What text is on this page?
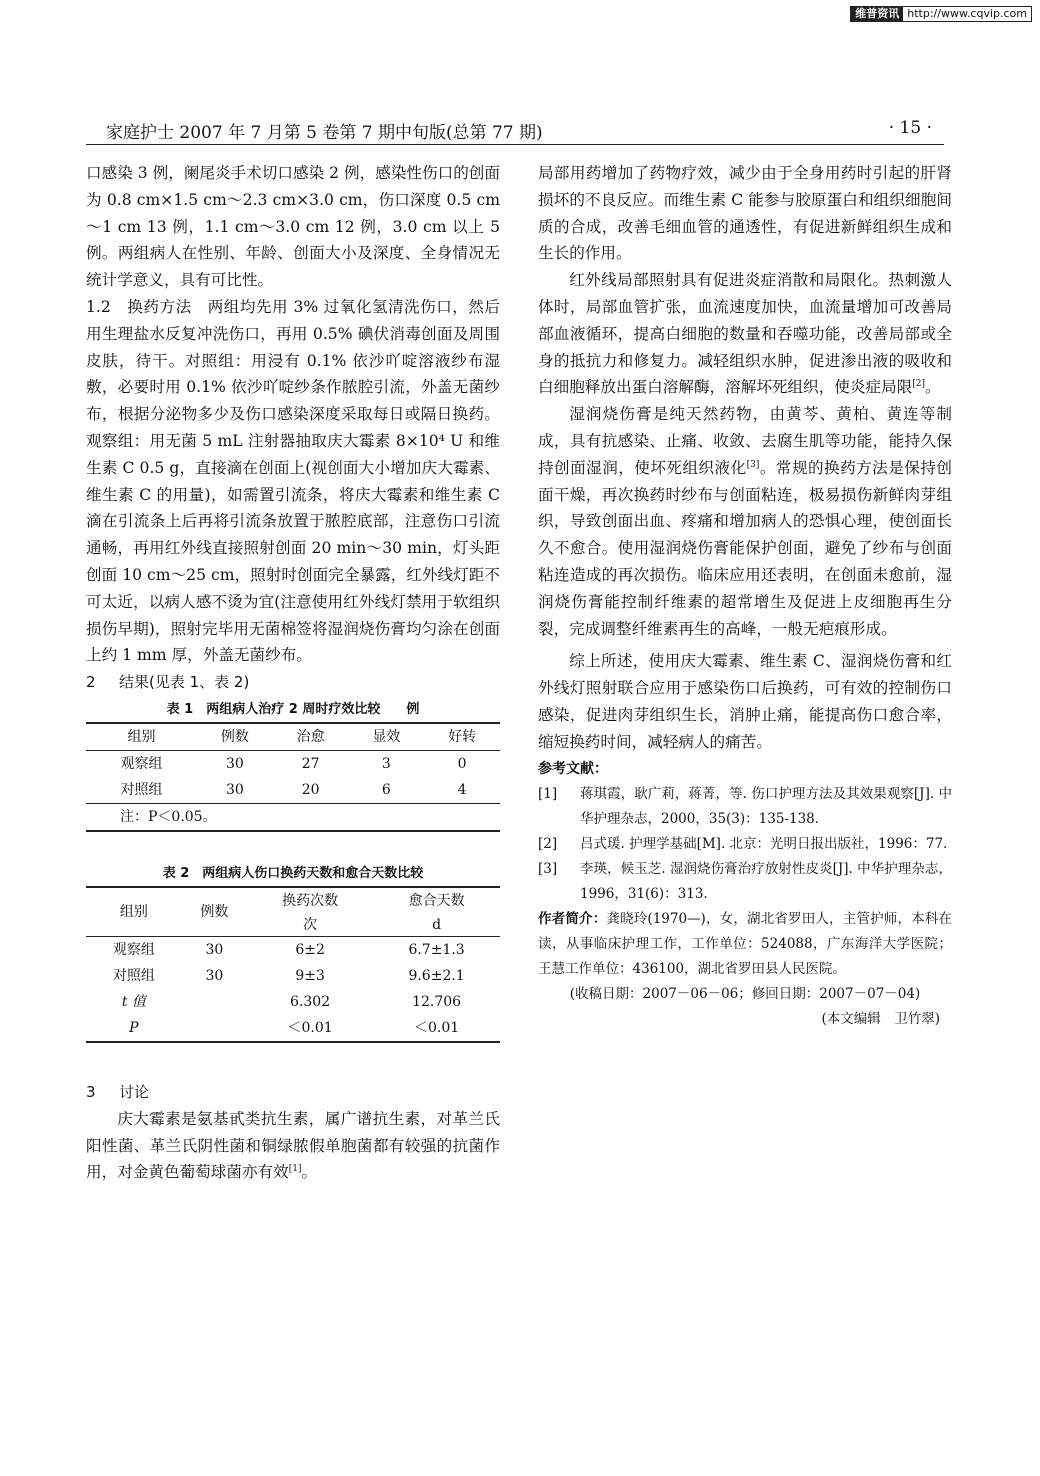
维普资讯 http://www.cqvip.com
家庭护士 2007 年 7 月第 5 卷第 7 期中旬版(总第 77 期)	· 15 ·

口感染 3 例，阑尾炎手术切口感染 2 例，感染性伤口的创面为 0.8 cm×1.5 cm～2.3 cm×3.0 cm，伤口深度 0.5 cm～1 cm 13 例，1.1 cm～3.0 cm 12 例，3.0 cm 以上 5 例。两组病人在性别、年龄、创面大小及深度、全身情况无统计学意义，具有可比性。

1.2　换药方法　两组均先用 3% 过氧化氢清洗伤口，然后用生理盐水反复冲洗伤口，再用 0.5% 碘伏消毒创面及周围皮肤，待干。对照组：用浸有 0.1% 依沙吖啶溶液纱布湿敷，必要时用 0.1% 依沙吖啶纱条作脓腔引流，外盖无菌纱布，根据分泌物多少及伤口感染深度采取每日或隔日换药。观察组：用无菌 5 mL 注射器抽取庆大霉素 8×10⁴ U 和维生素 C 0.5 g，直接滴在创面上(视创面大小增加庆大霉素、维生素 C 的用量)，如需置引流条，将庆大霉素和维生素 C 滴在引流条上后再将引流条放置于脓腔底部，注意伤口引流通畅，再用红外线直接照射创面 20 min～30 min，灯头距创面 10 cm～25 cm，照射时创面完全暴露，红外线灯距不可太近，以病人感不烫为宜(注意使用红外线灯禁用于软组织损伤早期)，照射完毕用无菌棉签将湿润烧伤膏均匀涂在创面上约 1 mm 厚，外盖无菌纱布。

2 结果(见表 1、表 2)

表 1　两组病人治疗 2 周时疗效比较　　例

组别	例数	治愈	显效	好转
观察组	30	27	3	0
对照组	30	20	6	4
注：P＜0.05。				

表 2　两组病人伤口换药天数和愈合天数比较

组别	例数	换药次数	愈合天数
		次	d
观察组	30	6±2	6.7±1.3
对照组	30	9±3	9.6±2.1
t 值		6.302	12.706
P		＜0.01	＜0.01

3 讨论

庆大霉素是氨基甙类抗生素，属广谱抗生素，对革兰氏阳性菌、革兰氏阴性菌和铜绿脓假单胞菌都有较强的抗菌作用，对金黄色葡萄球菌亦有效[1]。

局部用药增加了药物疗效，减少由于全身用药时引起的肝肾损坏的不良反应。而维生素 C 能参与胶原蛋白和组织细胞间质的合成，改善毛细血管的通透性，有促进新鲜组织生成和生长的作用。

红外线局部照射具有促进炎症消散和局限化。热刺激人体时，局部血管扩张，血流速度加快，血流量增加可改善局部血液循环，提高白细胞的数量和吞噬功能，改善局部或全身的抵抗力和修复力。减轻组织水肿，促进渗出液的吸收和白细胞释放出蛋白溶解酶，溶解坏死组织，使炎症局限[2]。

湿润烧伤膏是纯天然药物，由黄芩、黄柏、黄连等制成，具有抗感染、止痛、收敛、去腐生肌等功能，能持久保持创面湿润，使坏死组织液化[3]。常规的换药方法是保持创面干燥，再次换药时纱布与创面粘连，极易损伤新鲜肉芽组织，导致创面出血、疼痛和增加病人的恐惧心理，使创面长久不愈合。使用湿润烧伤膏能保护创面，避免了纱布与创面粘连造成的再次损伤。临床应用还表明，在创面未愈前，湿润烧伤膏能控制纤维素的超常增生及促进上皮细胞再生分裂，完成调整纤维素再生的高峰，一般无疤痕形成。

综上所述，使用庆大霉素、维生素 C、湿润烧伤膏和红外线灯照射联合应用于感染伤口后换药，可有效的控制伤口感染，促进肉芽组织生长，消肿止痛，能提高伤口愈合率，缩短换药时间，减轻病人的痛苦。

参考文献：

[1]	蒋琪霞，耿广莉，蒋菁，等. 伤口护理方法及其效果观察[J]. 中华护理杂志，2000，35(3)：135-138.

[2]	吕式瑗. 护理学基础[M]. 北京：光明日报出版社，1996：77.

[3]	李瑛，候玉芝. 湿润烧伤膏治疗放射性皮炎[J]. 中华护理杂志，1996，31(6)：313.

作者简介：龚晓玲(1970—)，女，湖北省罗田人，主管护师，本科在读，从事临床护理工作，工作单位：524088，广东海洋大学医院；王慧工作单位：436100，湖北省罗田县人民医院。

(收稿日期：2007－06－06；修回日期：2007－07－04)

(本文编辑　卫竹翠)
